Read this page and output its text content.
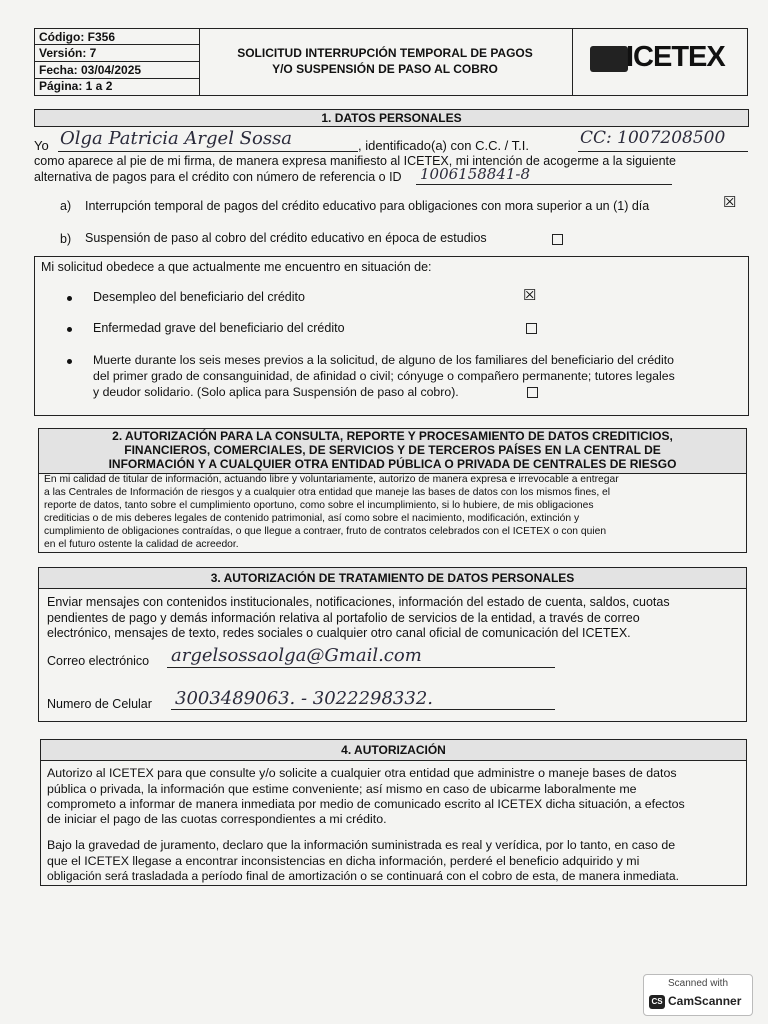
Código: F356
Versión: 7
Fecha: 03/04/2025
Página: 1 a 2
SOLICITUD INTERRUPCIÓN TEMPORAL DE PAGOS
Y/O SUSPENSIÓN DE PASO AL COBRO	ICETEX
1. DATOS PERSONALES
Yo Olga Patricia Argel Sossa	, identificado(a) con C.C. / T.I.	CC: 1007208500
como aparece al pie de mi firma, de manera expresa manifiesto al ICETEX, mi intención de acogerme a la siguiente
alternativa de pagos para el crédito con número de referencia o ID 1006158841-8
a) Interrupción temporal de pagos del crédito educativo para obligaciones con mora superior a un (1) día	☒
b) Suspensión de paso al cobro del crédito educativo en época de estudios
Mi solicitud obedece a que actualmente me encuentro en situación de:
Desempleo del beneficiario del crédito	☒
Enfermedad grave del beneficiario del crédito
Muerte durante los seis meses previos a la solicitud, de alguno de los familiares del beneficiario del crédito
del primer grado de consanguinidad, de afinidad o civil; cónyuge o compañero permanente; tutores legales
y deudor solidario. (Solo aplica para Suspensión de paso al cobro).
2. AUTORIZACIÓN PARA LA CONSULTA, REPORTE Y PROCESAMIENTO DE DATOS CREDITICIOS,
FINANCIEROS, COMERCIALES, DE SERVICIOS Y DE TERCEROS PAÍSES EN LA CENTRAL DE
INFORMACIÓN Y A CUALQUIER OTRA ENTIDAD PÚBLICA O PRIVADA DE CENTRALES DE RIESGO
En mi calidad de titular de información, actuando libre y voluntariamente, autorizo de manera expresa e irrevocable a entregar
a las Centrales de Información de riesgos y a cualquier otra entidad que maneje las bases de datos con los mismos fines, el
reporte de datos, tanto sobre el cumplimiento oportuno, como sobre el incumplimiento, si lo hubiere, de mis obligaciones
crediticias o de mis deberes legales de contenido patrimonial, así como sobre el nacimiento, modificación, extinción y
cumplimiento de obligaciones contraídas, o que llegue a contraer, fruto de contratos celebrados con el ICETEX o con quien
en el futuro ostente la calidad de acreedor.
3. AUTORIZACIÓN DE TRATAMIENTO DE DATOS PERSONALES
Enviar mensajes con contenidos institucionales, notificaciones, información del estado de cuenta, saldos, cuotas
pendientes de pago y demás información relativa al portafolio de servicios de la entidad, a través de correo
electrónico, mensajes de texto, redes sociales o cualquier otro canal oficial de comunicación del ICETEX.
Correo electrónico argelsossaolga@Gmail.com
Numero de Celular 3003489063. - 3022298332.
4. AUTORIZACIÓN
Autorizo al ICETEX para que consulte y/o solicite a cualquier otra entidad que administre o maneje bases de datos
pública o privada, la información que estime conveniente; así mismo en caso de ubicarme laboralmente me
comprometo a informar de manera inmediata por medio de comunicado escrito al ICETEX dicha situación, a efectos
de iniciar el pago de las cuotas correspondientes a mi crédito.
Bajo la gravedad de juramento, declaro que la información suministrada es real y verídica, por lo tanto, en caso de
que el ICETEX llegase a encontrar inconsistencias en dicha información, perderé el beneficio adquirido y mi
obligación será trasladada a período final de amortización o se continuará con el cobro de esta, de manera inmediata.
Scanned with
CS CamScanner
